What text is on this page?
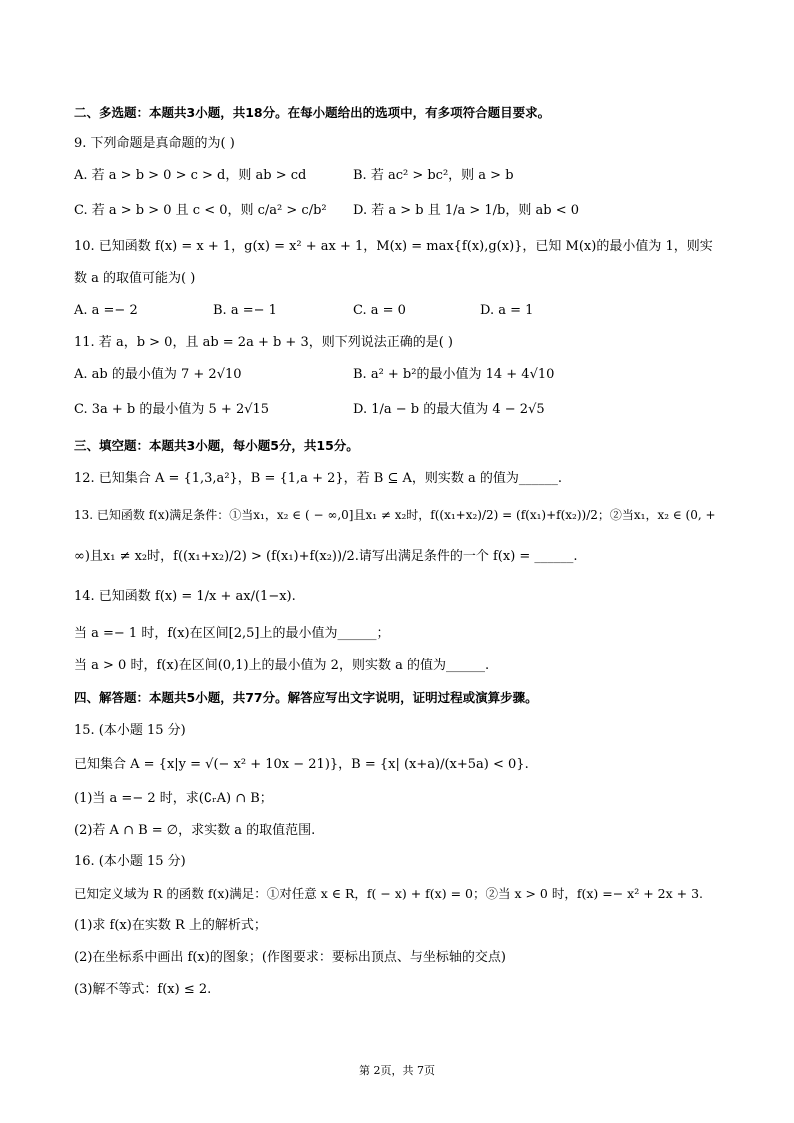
二、多选题：本题共3小题，共18分。在每小题给出的选项中，有多项符合题目要求。
9. 下列命题是真命题的为( )
A. 若 a > b > 0 > c > d，则 ab > cd	B. 若 ac² > bc²，则 a > b
C. 若 a > b > 0 且 c < 0，则 c/a² > c/b² D. 若 a > b 且 1/a > 1/b，则 ab < 0
10. 已知函数 f(x) = x + 1，g(x) = x² + ax + 1，M(x) = max{f(x),g(x)}，已知 M(x)的最小值为 1，则实
数 a 的取值可能为( )
A. a =− 2	B. a =− 1	C. a = 0	D. a = 1
11. 若 a，b > 0，且 ab = 2a + b + 3，则下列说法正确的是( )
A. ab 的最小值为 7 + 2√10	B. a² + b²的最小值为 14 + 4√10
C. 3a + b 的最小值为 5 + 2√15	D. 1/a − b 的最大值为 4 − 2√5
三、填空题：本题共3小题，每小题5分，共15分。
12. 已知集合 A = {1,3,a²}，B = {1,a + 2}，若 B ⊆ A，则实数 a 的值为______.
13. 已知函数 f(x)满足条件：①当x₁，x₂ ∈ ( − ∞,0]且x₁ ≠ x₂时，f((x₁+x₂)/2) = (f(x₁)+f(x₂))/2；②当x₁，x₂ ∈ (0, +
∞)且x₁ ≠ x₂时，f((x₁+x₂)/2) > (f(x₁)+f(x₂))/2.请写出满足条件的一个 f(x) = ______.
14. 已知函数 f(x) = 1/x + ax/(1−x).
当 a =− 1 时，f(x)在区间[2,5]上的最小值为______；
当 a > 0 时，f(x)在区间(0,1)上的最小值为 2，则实数 a 的值为______.
四、解答题：本题共5小题，共77分。解答应写出文字说明，证明过程或演算步骤。
15. (本小题 15 分)
已知集合 A = {x|y = √(− x² + 10x − 21)}，B = {x| (x+a)/(x+5a) < 0}.
(1)当 a =− 2 时，求(∁ᵣA) ∩ B；
(2)若 A ∩ B = ∅，求实数 a 的取值范围.
16. (本小题 15 分)
已知定义域为 R 的函数 f(x)满足：①对任意 x ∈ R，f( − x) + f(x) = 0；②当 x > 0 时，f(x) =− x² + 2x + 3.
(1)求 f(x)在实数 R 上的解析式；
(2)在坐标系中画出 f(x)的图象；(作图要求：要标出顶点、与坐标轴的交点)
(3)解不等式：f(x) ≤ 2.
第 2页，共 7页
